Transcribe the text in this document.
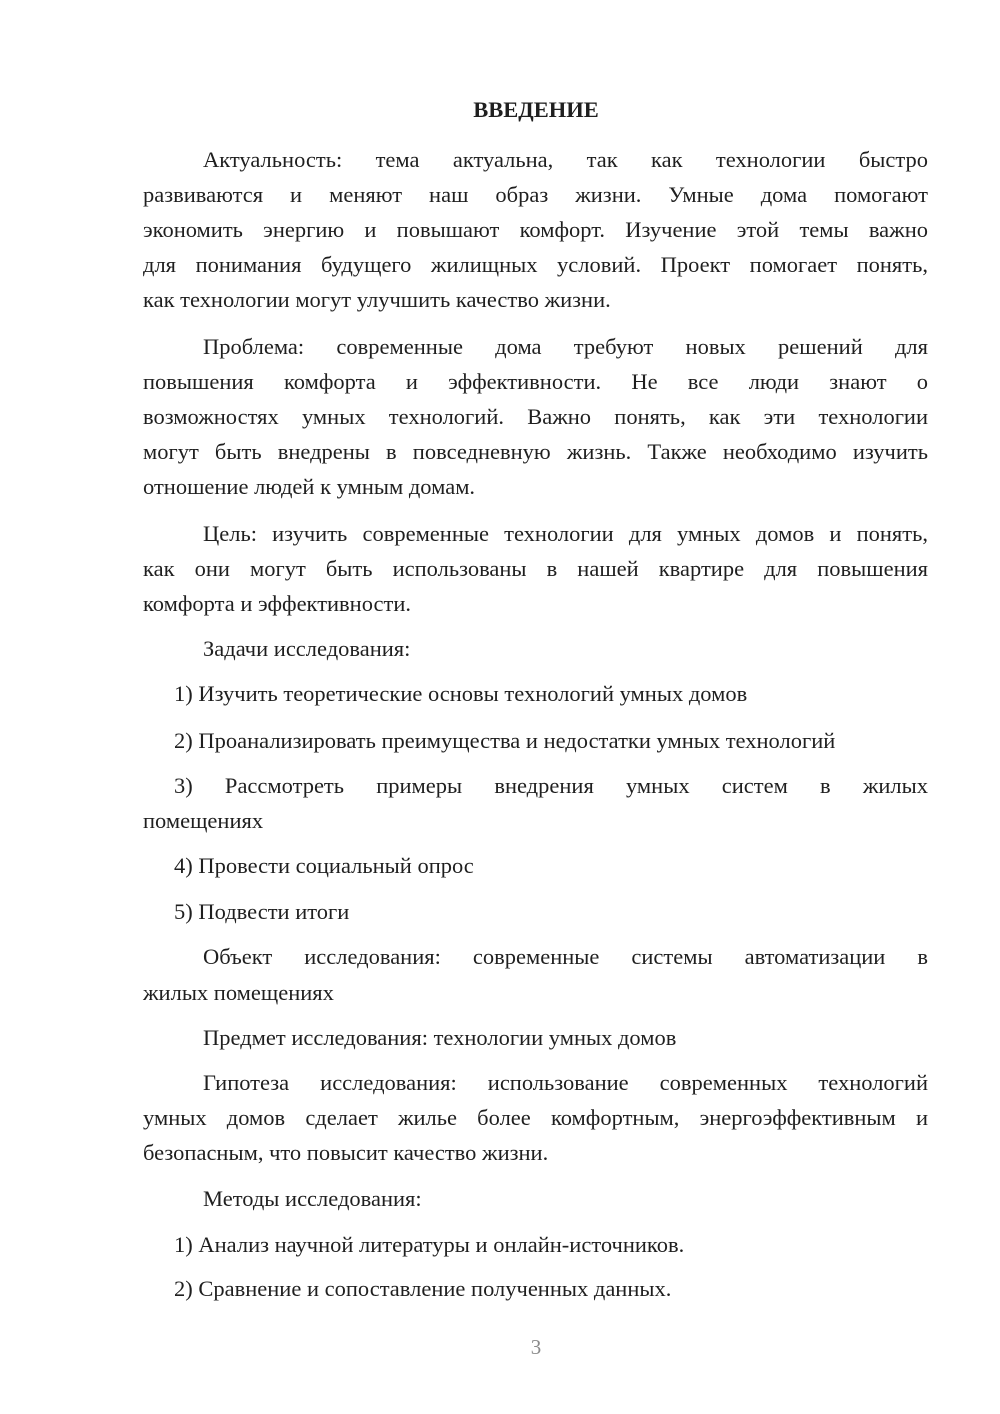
ВВЕДЕНИЕ
Актуальность: тема актуальна, так как технологии быстро
развиваются и меняют наш образ жизни. Умные дома помогают
экономить энергию и повышают комфорт. Изучение этой темы важно
для понимания будущего жилищных условий. Проект помогает понять,
как технологии могут улучшить качество жизни.
Проблема: современные дома требуют новых решений для
повышения комфорта и эффективности. Не все люди знают о
возможностях умных технологий. Важно понять, как эти технологии
могут быть внедрены в повседневную жизнь. Также необходимо изучить
отношение людей к умным домам.
Цель: изучить современные технологии для умных домов и понять,
как они могут быть использованы в нашей квартире для повышения
комфорта и эффективности.
Задачи исследования:
1) Изучить теоретические основы технологий умных домов
2) Проанализировать преимущества и недостатки умных технологий
3) Рассмотреть примеры внедрения умных систем в жилых
помещениях
4) Провести социальный опрос
5) Подвести итоги
Объект исследования: современные системы автоматизации в
жилых помещениях
Предмет исследования: технологии умных домов
Гипотеза исследования: использование современных технологий
умных домов сделает жилье более комфортным, энергоэффективным и
безопасным, что повысит качество жизни.
Методы исследования:
1) Анализ научной литературы и онлайн-источников.
2) Сравнение и сопоставление полученных данных.
3
